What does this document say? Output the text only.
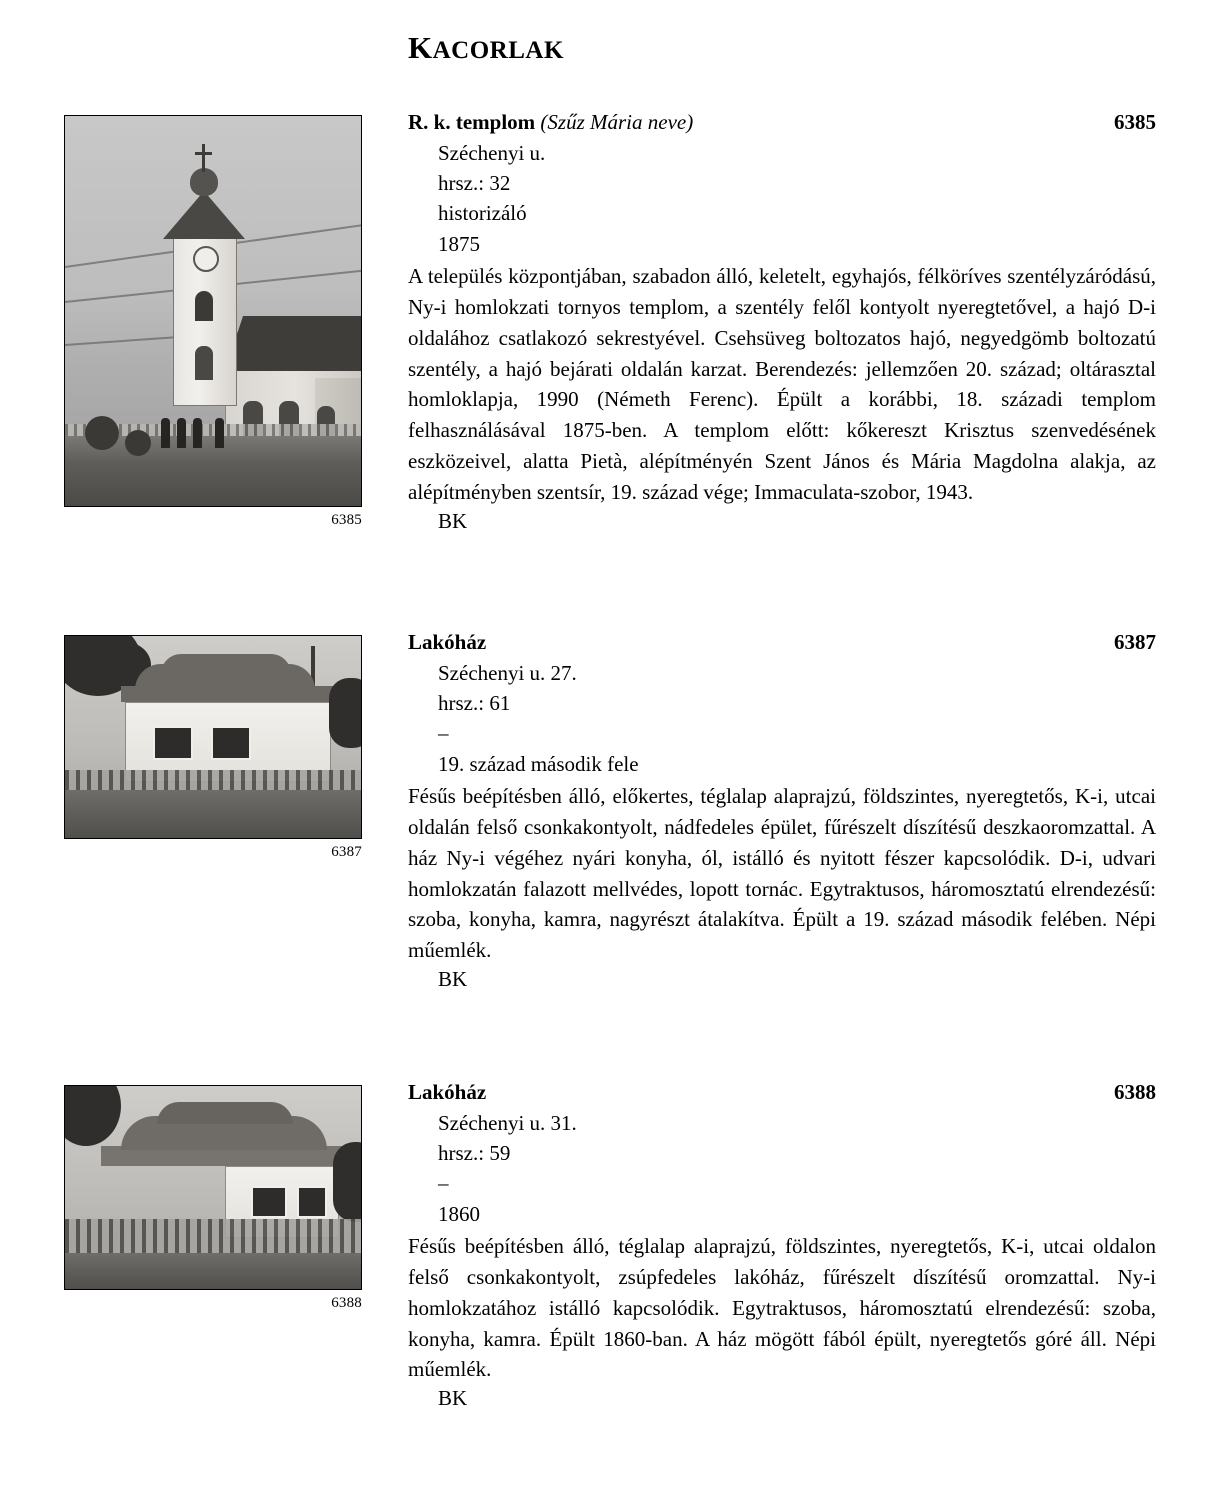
KACORLAK
6385
R. k. templom (Szűz Mária neve)	6385
Széchenyi u.
hrsz.: 32
historizáló
1875
A település központjában, szabadon álló, keletelt, egyhajós, félköríves szentélyzáródású, Ny-i homlokzati tornyos templom, a szentély felől kontyolt nyeregtetővel, a hajó D-i oldalához csatlakozó sekrestyével. Csehsüveg boltozatos hajó, negyedgömb boltozatú szentély, a hajó bejárati oldalán karzat. Berendezés: jellemzően 20. század; oltárasztal homloklapja, 1990 (Németh Ferenc). Épült a korábbi, 18. századi templom felhasználásával 1875-ben. A templom előtt: kőkereszt Krisztus szenvedésének eszközeivel, alatta Pietà, alépítményén Szent János és Mária Magdolna alakja, az alépítményben szentsír, 19. század vége; Immaculata-szobor, 1943.
BK
6387
Lakóház	6387
Széchenyi u. 27.
hrsz.: 61
–
19. század második fele
Fésűs beépítésben álló, előkertes, téglalap alaprajzú, földszintes, nyeregtetős, K-i, utcai oldalán felső csonkakontyolt, nádfedeles épület, fűrészelt díszítésű deszkaoromzattal. A ház Ny-i végéhez nyári konyha, ól, istálló és nyitott fészer kapcsolódik. D-i, udvari homlokzatán falazott mellvédes, lopott tornác. Egytraktusos, háromosztatú elrendezésű: szoba, konyha, kamra, nagyrészt átalakítva. Épült a 19. század második felében. Népi műemlék.
BK
6388
Lakóház	6388
Széchenyi u. 31.
hrsz.: 59
–
1860
Fésűs beépítésben álló, téglalap alaprajzú, földszintes, nyeregtetős, K-i, utcai oldalon felső csonkakontyolt, zsúpfedeles lakóház, fűrészelt díszítésű oromzattal. Ny-i homlokzatához istálló kapcsolódik. Egytraktusos, háromosztatú elrendezésű: szoba, konyha, kamra. Épült 1860-ban. A ház mögött fából épült, nyeregtetős góré áll. Népi műemlék.
BK
